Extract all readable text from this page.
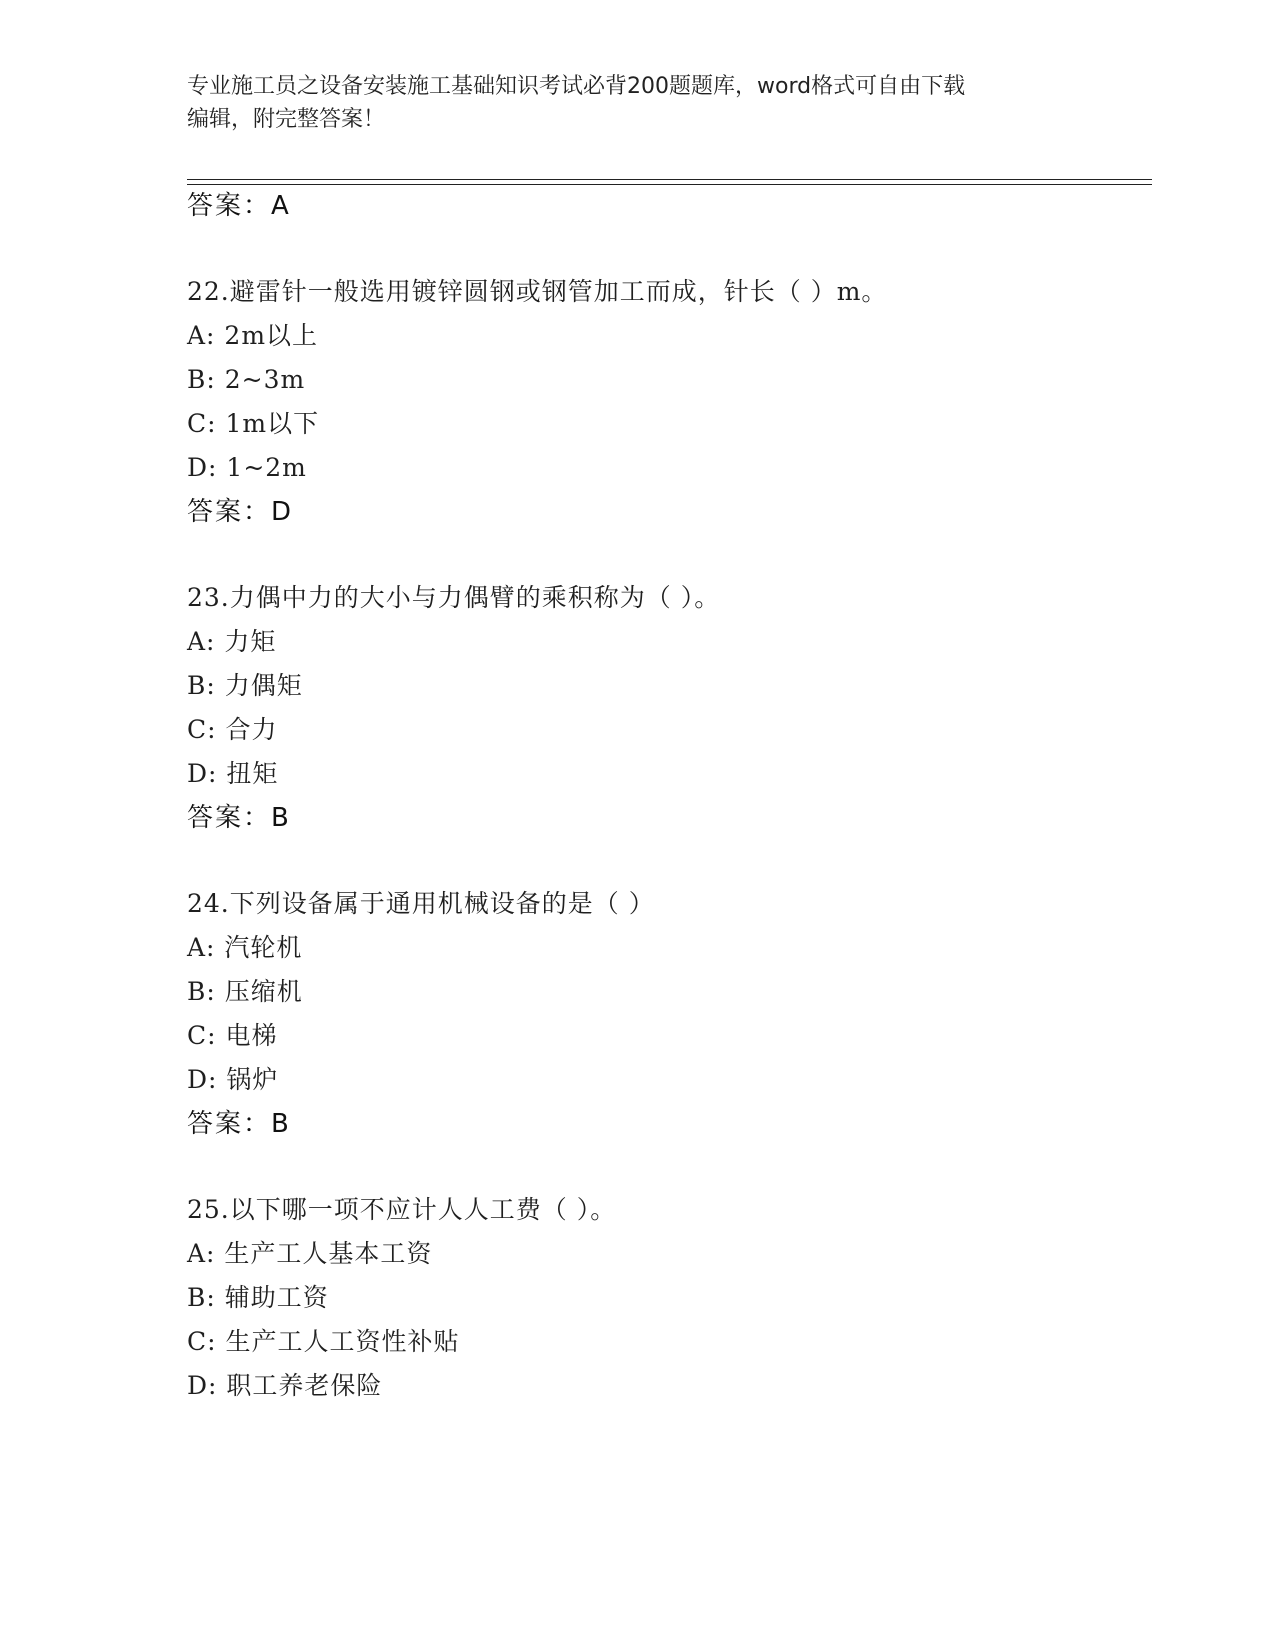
专业施工员之设备安装施工基础知识考试必背200题题库，word格式可自由下载
编辑，附完整答案！
答案：A
22.避雷针一般选用镀锌圆钢或钢管加工而成，针长（ ）m。
A: 2m以上
B: 2~3m
C: 1m以下
D: 1~2m
答案：D
23.力偶中力的大小与力偶臂的乘积称为（ ）。
A: 力矩
B: 力偶矩
C: 合力
D: 扭矩
答案：B
24.下列设备属于通用机械设备的是（ ）
A: 汽轮机
B: 压缩机
C: 电梯
D: 锅炉
答案：B
25.以下哪一项不应计人人工费（ ）。
A: 生产工人基本工资
B: 辅助工资
C: 生产工人工资性补贴
D: 职工养老保险
